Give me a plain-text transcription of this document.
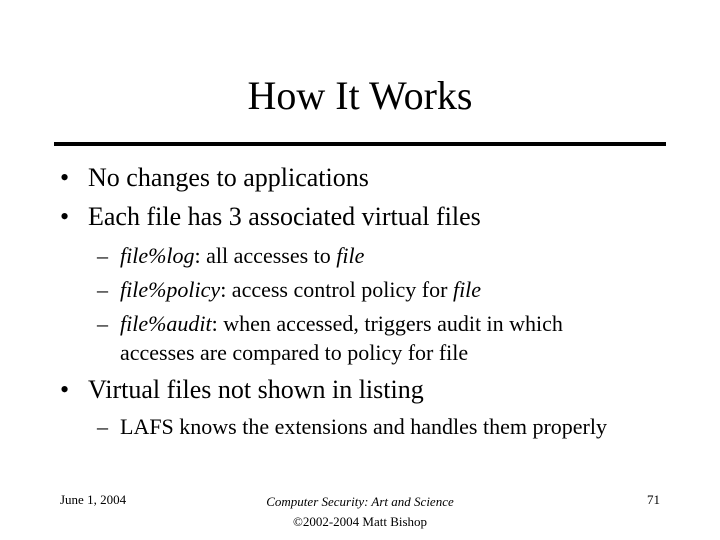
How It Works
• No changes to applications
• Each file has 3 associated virtual files
– file%log: all accesses to file
– file%policy: access control policy for file
– file%audit: when accessed, triggers audit in which
accesses are compared to policy for file
• Virtual files not shown in listing
– LAFS knows the extensions and handles them properly
June 1, 2004	Computer Security: Art and Science
©2002-2004 Matt Bishop
71
